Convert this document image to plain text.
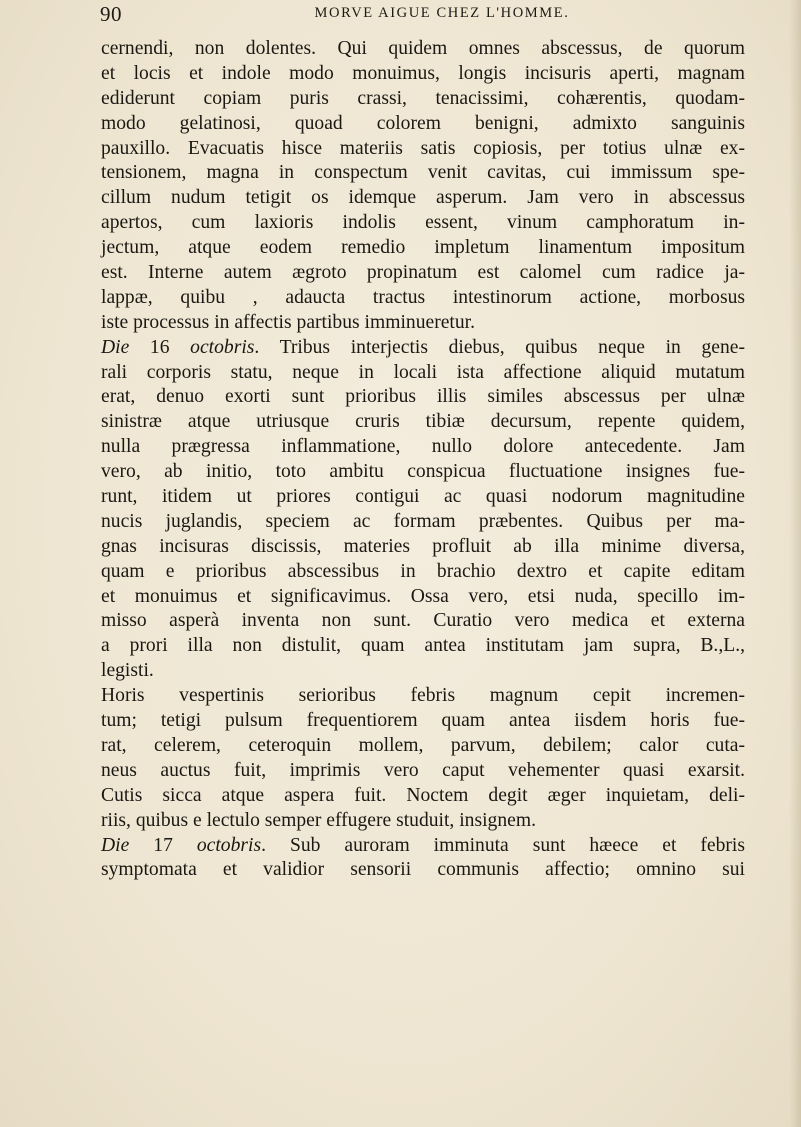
90	MORVE AIGUE CHEZ L'HOMME.
cernendi, non dolentes. Qui quidem omnes abscessus, de quorum
et locis et indole modo monuimus, longis incisuris aperti, magnam
ediderunt copiam puris crassi, tenacissimi, cohærentis, quodam-
modo gelatinosi, quoad colorem benigni, admixto sanguinis
pauxillo. Evacuatis hisce materiis satis copiosis, per totius ulnæ ex-
tensionem, magna in conspectum venit cavitas, cui immissum spe-
cillum nudum tetigit os idemque asperum. Jam vero in abscessus
apertos, cum laxioris indolis essent, vinum camphoratum in-
jectum, atque eodem remedio impletum linamentum impositum
est. Interne autem ægroto propinatum est calomel cum radice ja-
lappæ, quibu , adaucta tractus intestinorum actione, morbosus
iste processus in affectis partibus imminueretur.
Die 16 octobris. Tribus interjectis diebus, quibus neque in gene-
rali corporis statu, neque in locali ista affectione aliquid mutatum
erat, denuo exorti sunt prioribus illis similes abscessus per ulnæ
sinistræ atque utriusque cruris tibiæ decursum, repente quidem,
nulla prægressa inflammatione, nullo dolore antecedente. Jam
vero, ab initio, toto ambitu conspicua fluctuatione insignes fue-
runt, itidem ut priores contigui ac quasi nodorum magnitudine
nucis juglandis, speciem ac formam præbentes. Quibus per ma-
gnas incisuras discissis, materies profluit ab illa minime diversa,
quam e prioribus abscessibus in brachio dextro et capite editam
et monuimus et significavimus. Ossa vero, etsi nuda, specillo im-
misso asperà inventa non sunt. Curatio vero medica et externa
a prori illa non distulit, quam antea institutam jam supra, B.,L.,
legisti.
Horis vespertinis serioribus febris magnum cepit incremen-
tum; tetigi pulsum frequentiorem quam antea iisdem horis fue-
rat, celerem, ceteroquin mollem, parvum, debilem; calor cuta-
neus auctus fuit, imprimis vero caput vehementer quasi exarsit.
Cutis sicca atque aspera fuit. Noctem degit æger inquietam, deli-
riis, quibus e lectulo semper effugere studuit, insignem.
Die 17 octobris. Sub auroram imminuta sunt hæece et febris
symptomata et validior sensorii communis affectio; omnino sui
